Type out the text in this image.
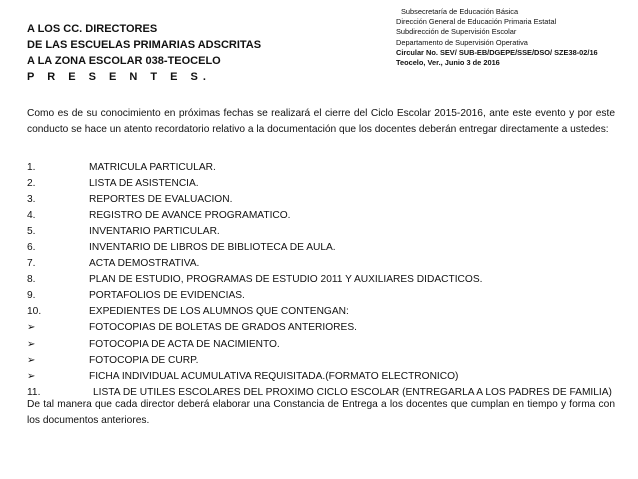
A LOS CC. DIRECTORES
DE LAS ESCUELAS PRIMARIAS ADSCRITAS
A LA ZONA ESCOLAR 038-TEOCELO
P R E S E N T E S.
Subsecretaría de Educación Básica
Dirección General de Educación Primaria Estatal
Subdirección de Supervisión Escolar
Departamento de Supervisión Operativa
Circular No. SEV/ SUB-EB/DGEPE/SSE/DSO/ SZE38-02/16
Teocelo, Ver., Junio 3 de 2016
Como es de su conocimiento en próximas fechas se realizará el cierre del Ciclo Escolar 2015-2016, ante este evento y por este conducto se hace un atento recordatorio relativo a la documentación que los docentes deberán entregar directamente a ustedes:
1.	MATRICULA PARTICULAR.
2.	LISTA DE ASISTENCIA.
3.	REPORTES DE EVALUACION.
4.	REGISTRO DE AVANCE PROGRAMATICO.
5.	INVENTARIO PARTICULAR.
6.	INVENTARIO DE LIBROS DE BIBLIOTECA DE AULA.
7.	ACTA DEMOSTRATIVA.
8.	PLAN DE ESTUDIO, PROGRAMAS DE ESTUDIO 2011 Y AUXILIARES DIDACTICOS.
9.	PORTAFOLIOS DE EVIDENCIAS.
10.	EXPEDIENTES DE LOS ALUMNOS QUE CONTENGAN:
➢	FOTOCOPIAS DE BOLETAS DE GRADOS ANTERIORES.
➢	FOTOCOPIA DE ACTA DE NACIMIENTO.
➢	FOTOCOPIA DE CURP.
➢	FICHA INDIVIDUAL ACUMULATIVA REQUISITADA.(FORMATO ELECTRONICO)
11.	LISTA DE UTILES ESCOLARES DEL PROXIMO CICLO ESCOLAR (ENTREGARLA A LOS PADRES DE FAMILIA)
De tal manera que cada director deberá elaborar una Constancia de Entrega a los docentes que cumplan en tiempo y forma con los documentos anteriores.
